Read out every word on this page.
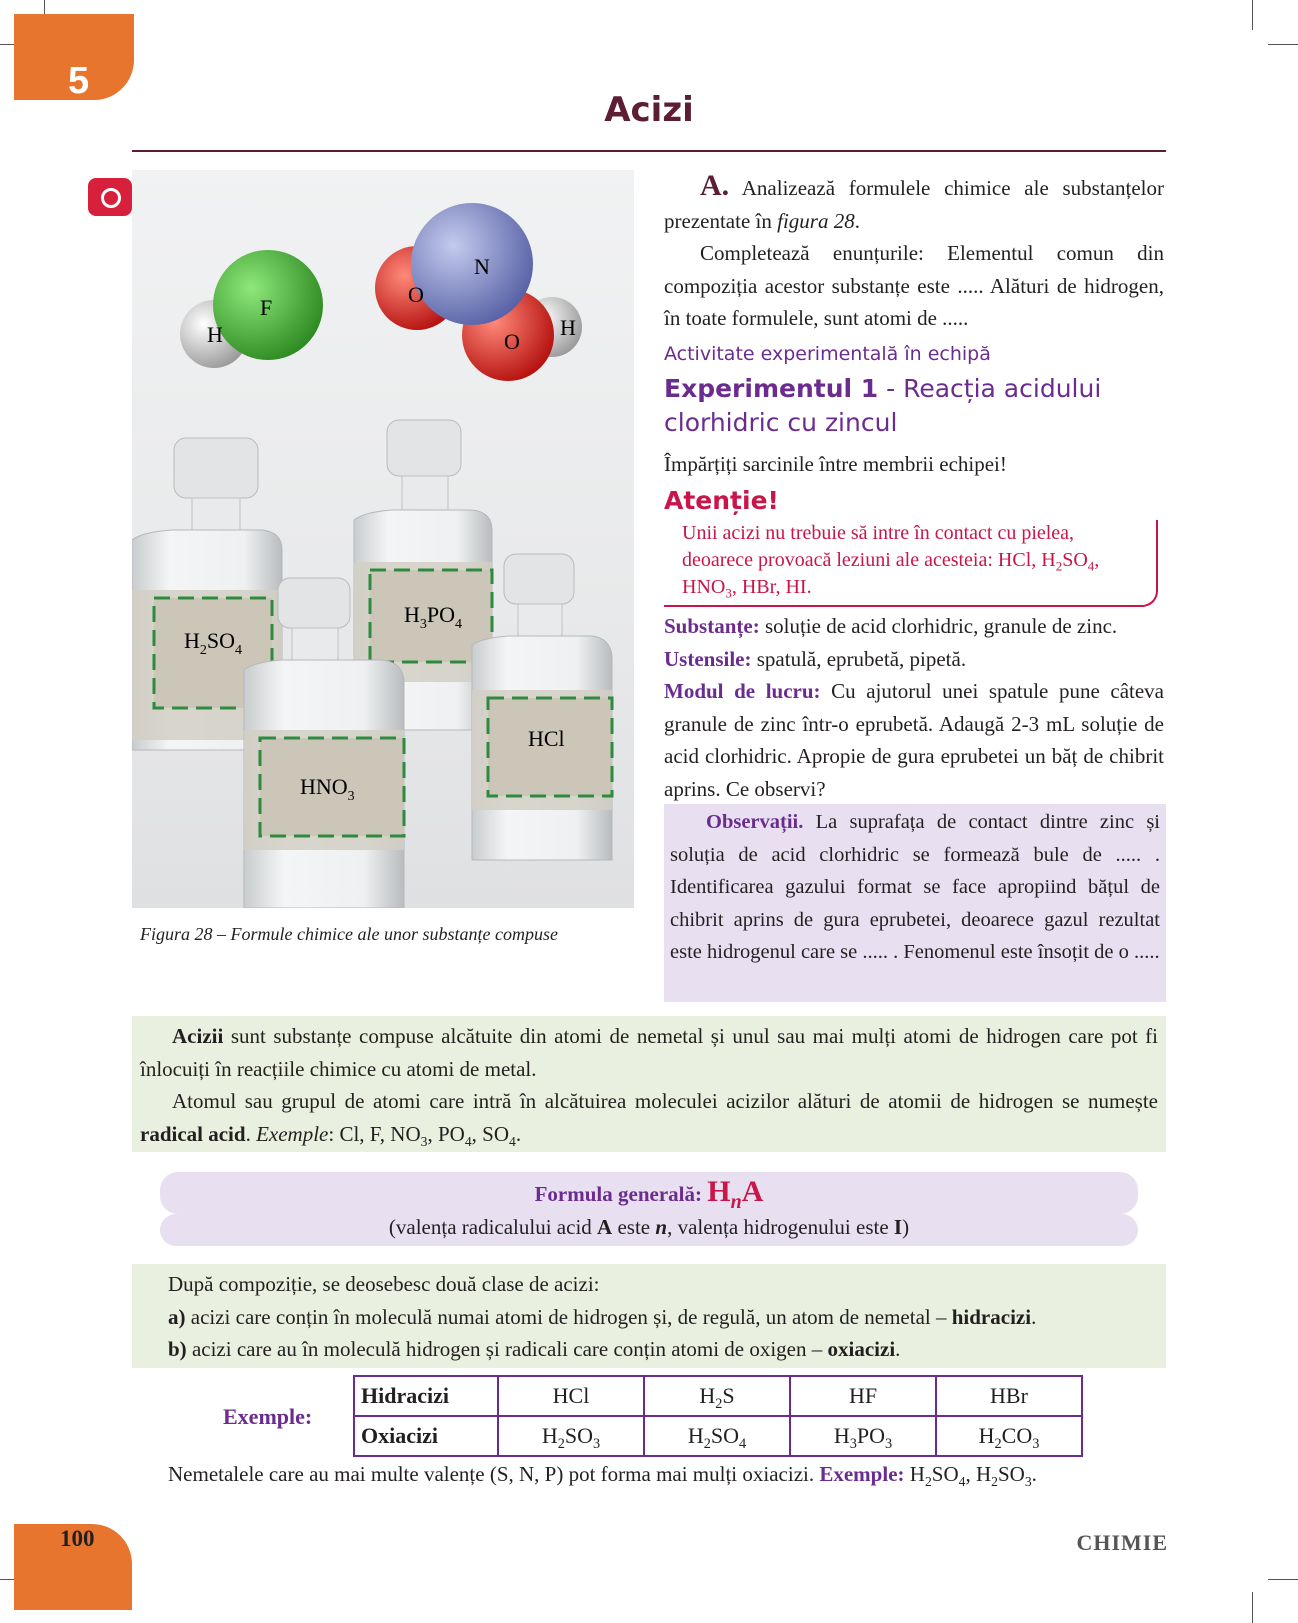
5
Acizi
H
F
O
N
O
H
$H_2SO_4$
$H_3PO_4$
HCl
$HNO_3$
Figura 28 – Formule chimice ale unor substanțe compuse

A. Analizează formulele chimice ale substanțelor prezentate în figura 28.

Completează enunțurile: Elementul comun din compoziția acestor substanțe este ..... Alături de hidrogen, în toate formulele, sunt atomi de .....

Activitate experimentală în echipă
Experimentul 1 - Reacția acidului clorhidric cu zincul
Împărțiți sarcinile între membrii echipei!
Atenție!
Unii acizi nu trebuie să intre în contact cu pielea, deoarece provoacă leziuni ale acesteia: HCl, $H_2SO_4$, $HNO_3$, HBr, HI.

Substanțe: soluție de acid clorhidric, granule de zinc.

Ustensile: spatulă, eprubetă, pipetă.

Modul de lucru: Cu ajutorul unei spatule pune câteva granule de zinc într-o eprubetă. Adaugă 2-3 mL soluție de acid clorhidric. Apropie de gura eprubetei un băț de chibrit aprins. Ce observi?

Observații. La suprafața de contact dintre zinc și soluția de acid clorhidric se formează bule de ..... . Identificarea gazului format se face apropiind bățul de chibrit aprins de gura eprubetei, deoarece gazul rezultat este hidrogenul care se ..... . Fenomenul este însoțit de o .....
Acizii sunt substanțe compuse alcătuite din atomi de nemetal și unul sau mai mulți atomi de hidrogen care pot fi înlocuiți în reacțiile chimice cu atomi de metal.
Atomul sau grupul de atomi care intră în alcătuirea moleculei acizilor alături de atomii de hidrogen se numește radical acid. Exemple: Cl, F, $NO_3$, $PO_4$, $SO_4$.
Formula generală: $H_nA$
(valența radicalului acid A este n, valența hidrogenului este I)
După compoziție, se deosebesc două clase de acizi:
a) acizi care conțin în moleculă numai atomi de hidrogen și, de regulă, un atom de nemetal – hidracizi.
b) acizi care au în moleculă hidrogen și radicali care conțin atomi de oxigen – oxiacizi.
Exemple:
Hidracizi	HCl	$H_2S$	HF	HBr
Oxiacizi	$H_2SO_3$	$H_2SO_4$	$H_3PO_3$	$H_2CO_3$
Nemetalele care au mai multe valențe (S, N, P) pot forma mai mulți oxiacizi. Exemple: $H_2SO_4$, $H_2SO_3$.
100	CHIMIE
